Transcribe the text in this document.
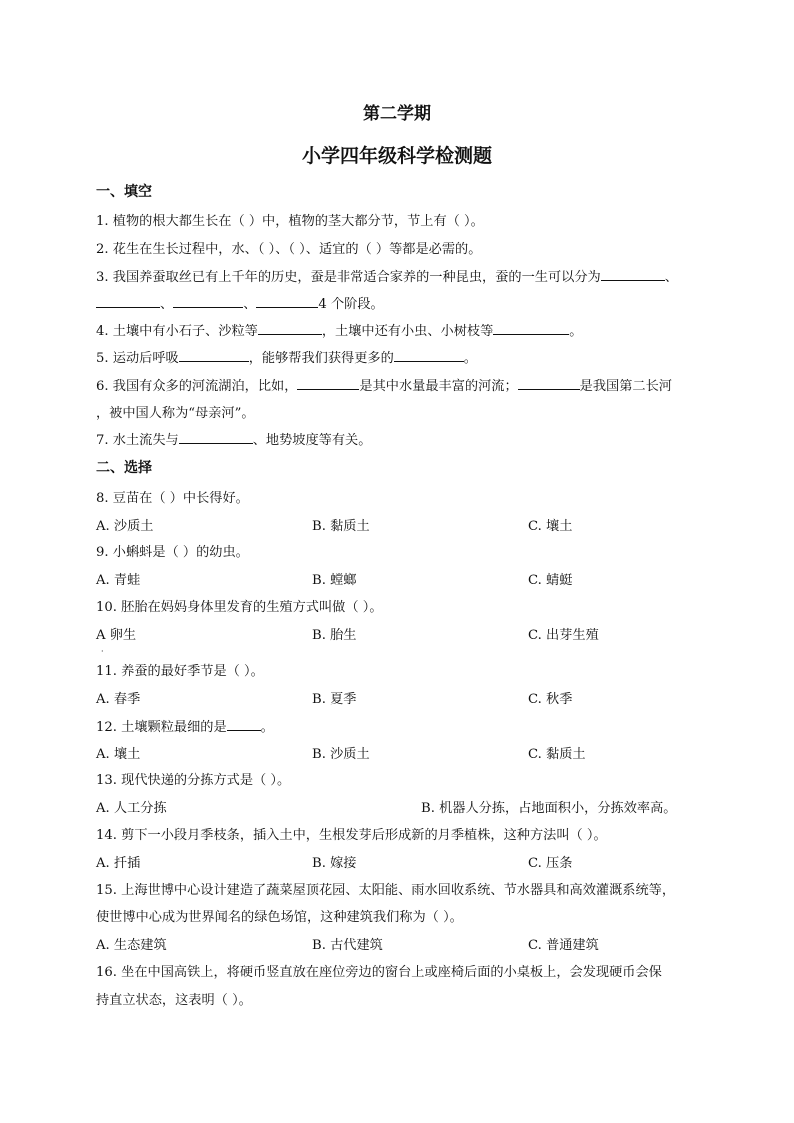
第二学期
小学四年级科学检测题
一、填空
1. 植物的根大都生长在（ ）中，植物的茎大都分节，节上有（ ）。
2. 花生在生长过程中，水、（ ）、（ ）、适宜的（ ）等都是必需的。
3. 我国养蚕取丝已有上千年的历史，蚕是非常适合家养的一种昆虫，蚕的一生可以分为	、
、	、	4 个阶段。
4. 土壤中有小石子、沙粒等	，土壤中还有小虫、小树枝等	。
5. 运动后呼吸	，能够帮我们获得更多的	。
6. 我国有众多的河流湖泊，比如，	是其中水量最丰富的河流；	是我国第二长河
，被中国人称为“母亲河”。
7. 水土流失与	、地势坡度等有关。
二、选择
8. 豆苗在（ ）中长得好。
A. 沙质土	B. 黏质土	C. 壤土
9. 小蝌蚪是（ ）的幼虫。
A. 青蛙	B. 螳螂	C. 蜻蜓
10. 胚胎在妈妈身体里发育的生殖方式叫做（ ）。
A 卵生	B. 胎生	C. 出芽生殖
·
11. 养蚕的最好季节是（ ）。
A. 春季	B. 夏季	C. 秋季
12. 土壤颗粒最细的是	。
A. 壤土	B. 沙质土	C. 黏质土
13. 现代快递的分拣方式是（ ）。
A. 人工分拣	B. 机器人分拣，占地面积小，分拣效率高。
14. 剪下一小段月季枝条，插入土中，生根发芽后形成新的月季植株，这种方法叫（ ）。
A. 扦插	B. 嫁接	C. 压条
15. 上海世博中心设计建造了蔬菜屋顶花园、太阳能、雨水回收系统、节水器具和高效灌溉系统等，
使世博中心成为世界闻名的绿色场馆，这种建筑我们称为（ ）。
A. 生态建筑	B. 古代建筑	C. 普通建筑
16. 坐在中国高铁上，将硬币竖直放在座位旁边的窗台上或座椅后面的小桌板上，会发现硬币会保
持直立状态，这表明（ ）。
